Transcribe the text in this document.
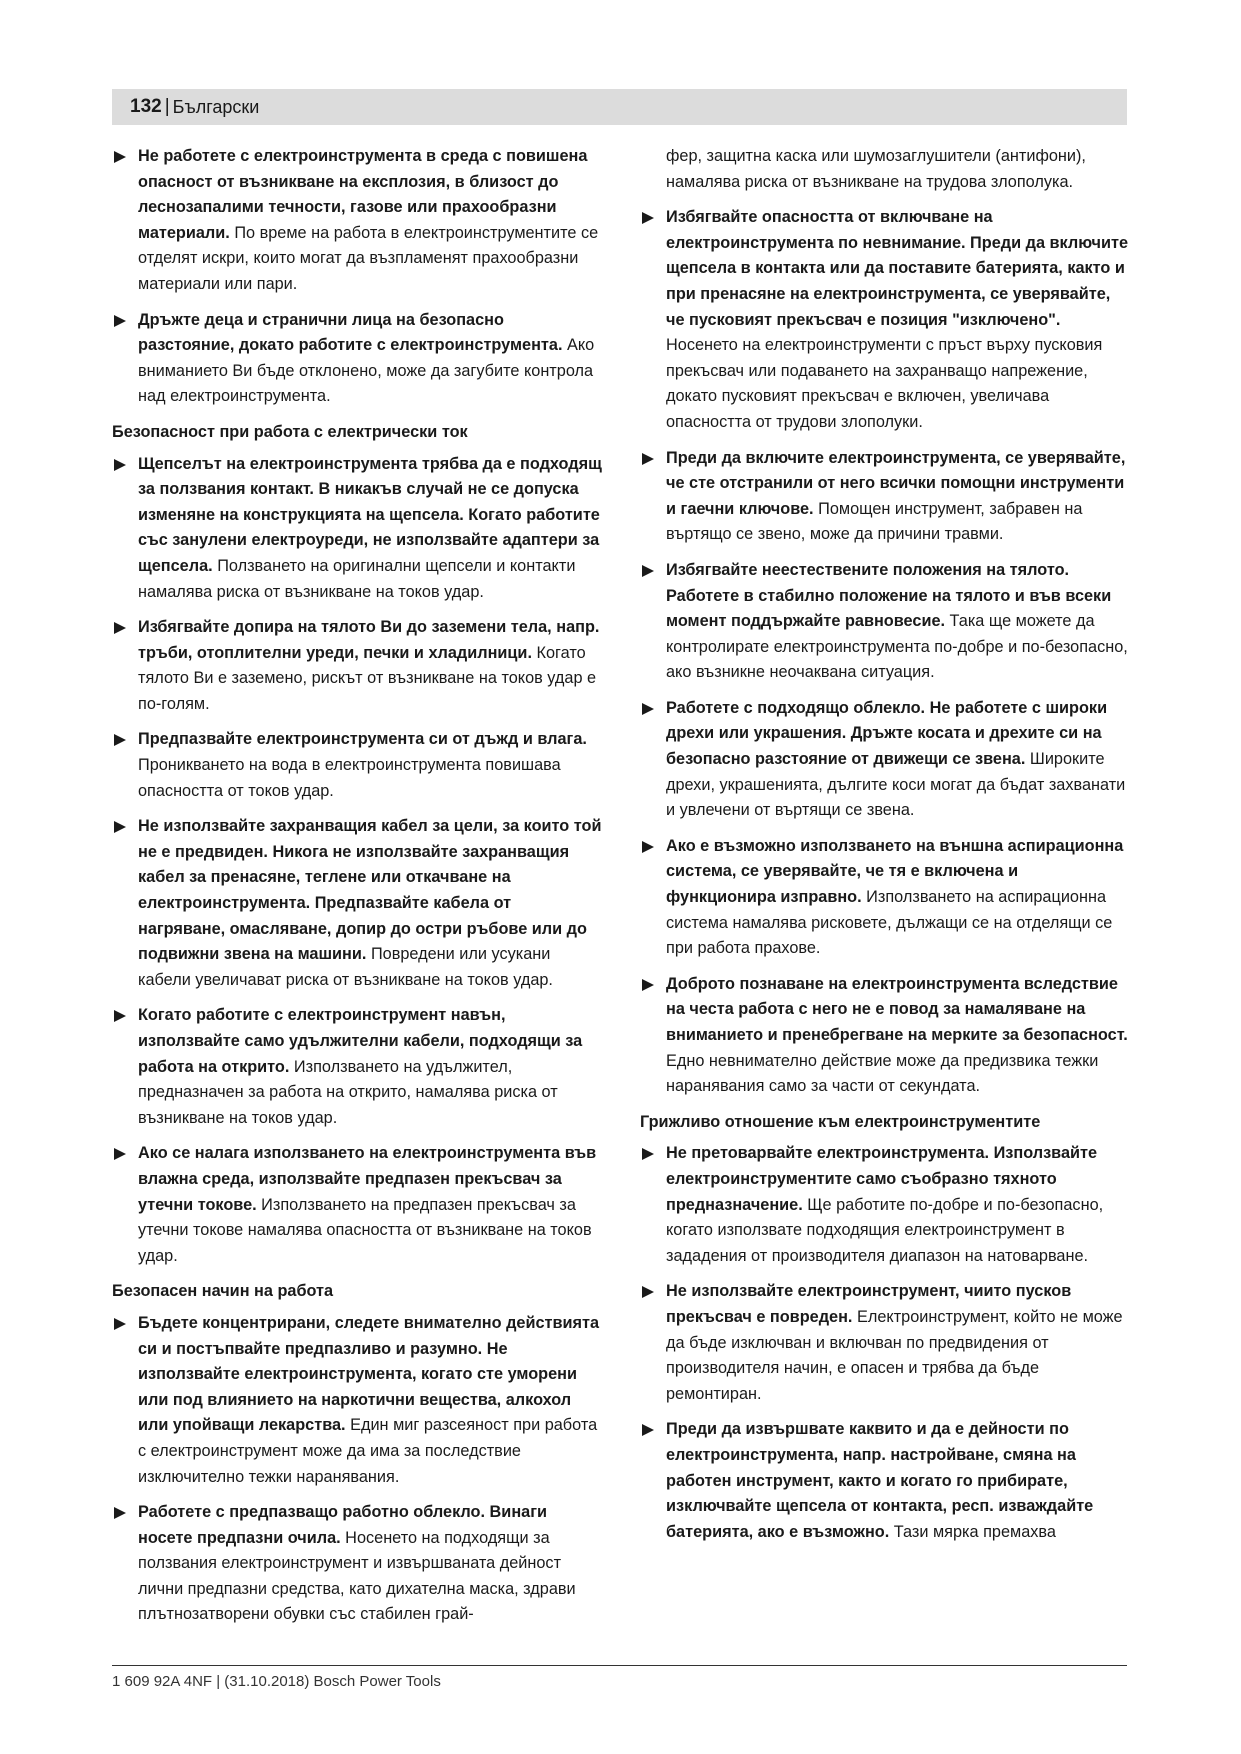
132 | Български
Не работете с електроинструмента в среда с повишена опасност от възникване на експлозия, в близост до леснозапалими течности, газове или прахообразни материали. По време на работа в електроинструментите се отделят искри, които могат да възпламенят прахообразни материали или пари.
Дръжте деца и странични лица на безопасно разстояние, докато работите с електроинструмента. Ако вниманието Ви бъде отклонено, може да загубите контрола над електроинструмента.
Безопасност при работа с електрически ток
Щепселът на електроинструмента трябва да е подходящ за ползвания контакт. В никакъв случай не се допуска изменяне на конструкцията на щепсела. Когато работите със занулени електроуреди, не използвайте адаптери за щепсела. Ползването на оригинални щепсели и контакти намалява риска от възникване на токов удар.
Избягвайте допира на тялото Ви до заземени тела, напр. тръби, отоплителни уреди, печки и хладилници. Когато тялото Ви е заземено, рискът от възникване на токов удар е по-голям.
Предпазвайте електроинструмента си от дъжд и влага. Проникването на вода в електроинструмента повишава опасността от токов удар.
Не използвайте захранващия кабел за цели, за които той не е предвиден. Никога не използвайте захранващия кабел за пренасяне, теглене или откачване на електроинструмента. Предпазвайте кабела от нагряване, омасляване, допир до остри ръбове или до подвижни звена на машини. Повредени или усукани кабели увеличават риска от възникване на токов удар.
Когато работите с електроинструмент навън, използвайте само удължителни кабели, подходящи за работа на открито. Използването на удължител, предназначен за работа на открито, намалява риска от възникване на токов удар.
Ако се налага използването на електроинструмента във влажна среда, използвайте предпазен прекъсвач за утечни токове. Използването на предпазен прекъсвач за утечни токове намалява опасността от възникване на токов удар.
Безопасен начин на работа
Бъдете концентрирани, следете внимателно действията си и постъпвайте предпазливо и разумно. Не използвайте електроинструмента, когато сте уморени или под влиянието на наркотични вещества, алкохол или упойващи лекарства. Един миг разсеяност при работа с електроинструмент може да има за последствие изключително тежки наранявания.
Работете с предпазващо работно облекло. Винаги носете предпазни очила. Носенето на подходящи за ползвания електроинструмент и извършваната дейност лични предпазни средства, като дихателна маска, здрави плътнозатворени обувки със стабилен грай-
фер, защитна каска или шумозаглушители (антифони), намалява риска от възникване на трудова злополука.
Избягвайте опасността от включване на електроинструмента по невнимание. Преди да включите щепсела в контакта или да поставите батерията, както и при пренасяне на електроинструмента, се уверявайте, че пусковият прекъсвач е позиция "изключено". Носенето на електроинструменти с пръст върху пусковия прекъсвач или подаването на захранващо напрежение, докато пусковият прекъсвач е включен, увеличава опасността от трудови злополуки.
Преди да включите електроинструмента, се уверявайте, че сте отстранили от него всички помощни инструменти и гаечни ключове. Помощен инструмент, забравен на въртящо се звено, може да причини травми.
Избягвайте неестествените положения на тялото. Работете в стабилно положение на тялото и във всеки момент поддържайте равновесие. Така ще можете да контролирате електроинструмента по-добре и по-безопасно, ако възникне неочаквана ситуация.
Работете с подходящо облекло. Не работете с широки дрехи или украшения. Дръжте косата и дрехите си на безопасно разстояние от движещи се звена. Широките дрехи, украшенията, дългите коси могат да бъдат захванати и увлечени от въртящи се звена.
Ако е възможно използването на външна аспирационна система, се уверявайте, че тя е включена и функционира изправно. Използването на аспирационна система намалява рисковете, дължащи се на отделящи се при работа прахове.
Доброто познаване на електроинструмента вследствие на честа работа с него не е повод за намаляване на вниманието и пренебрегване на мерките за безопасност. Едно невнимателно действие може да предизвика тежки наранявания само за части от секундата.
Грижливо отношение към електроинструментите
Не претоварвайте електроинструмента. Използвайте електроинструментите само съобразно тяхното предназначение. Ще работите по-добре и по-безопасно, когато използвате подходящия електроинструмент в зададения от производителя диапазон на натоварване.
Не използвайте електроинструмент, чиито пусков прекъсвач е повреден. Електроинструмент, който не може да бъде изключван и включван по предвидения от производителя начин, е опасен и трябва да бъде ремонтиран.
Преди да извършвате каквито и да е дейности по електроинструмента, напр. настройване, смяна на работен инструмент, както и когато го прибирате, изключвайте щепсела от контакта, респ. изваждайте батерията, ако е възможно. Тази мярка премахва
1 609 92A 4NF | (31.10.2018) Bosch Power Tools
